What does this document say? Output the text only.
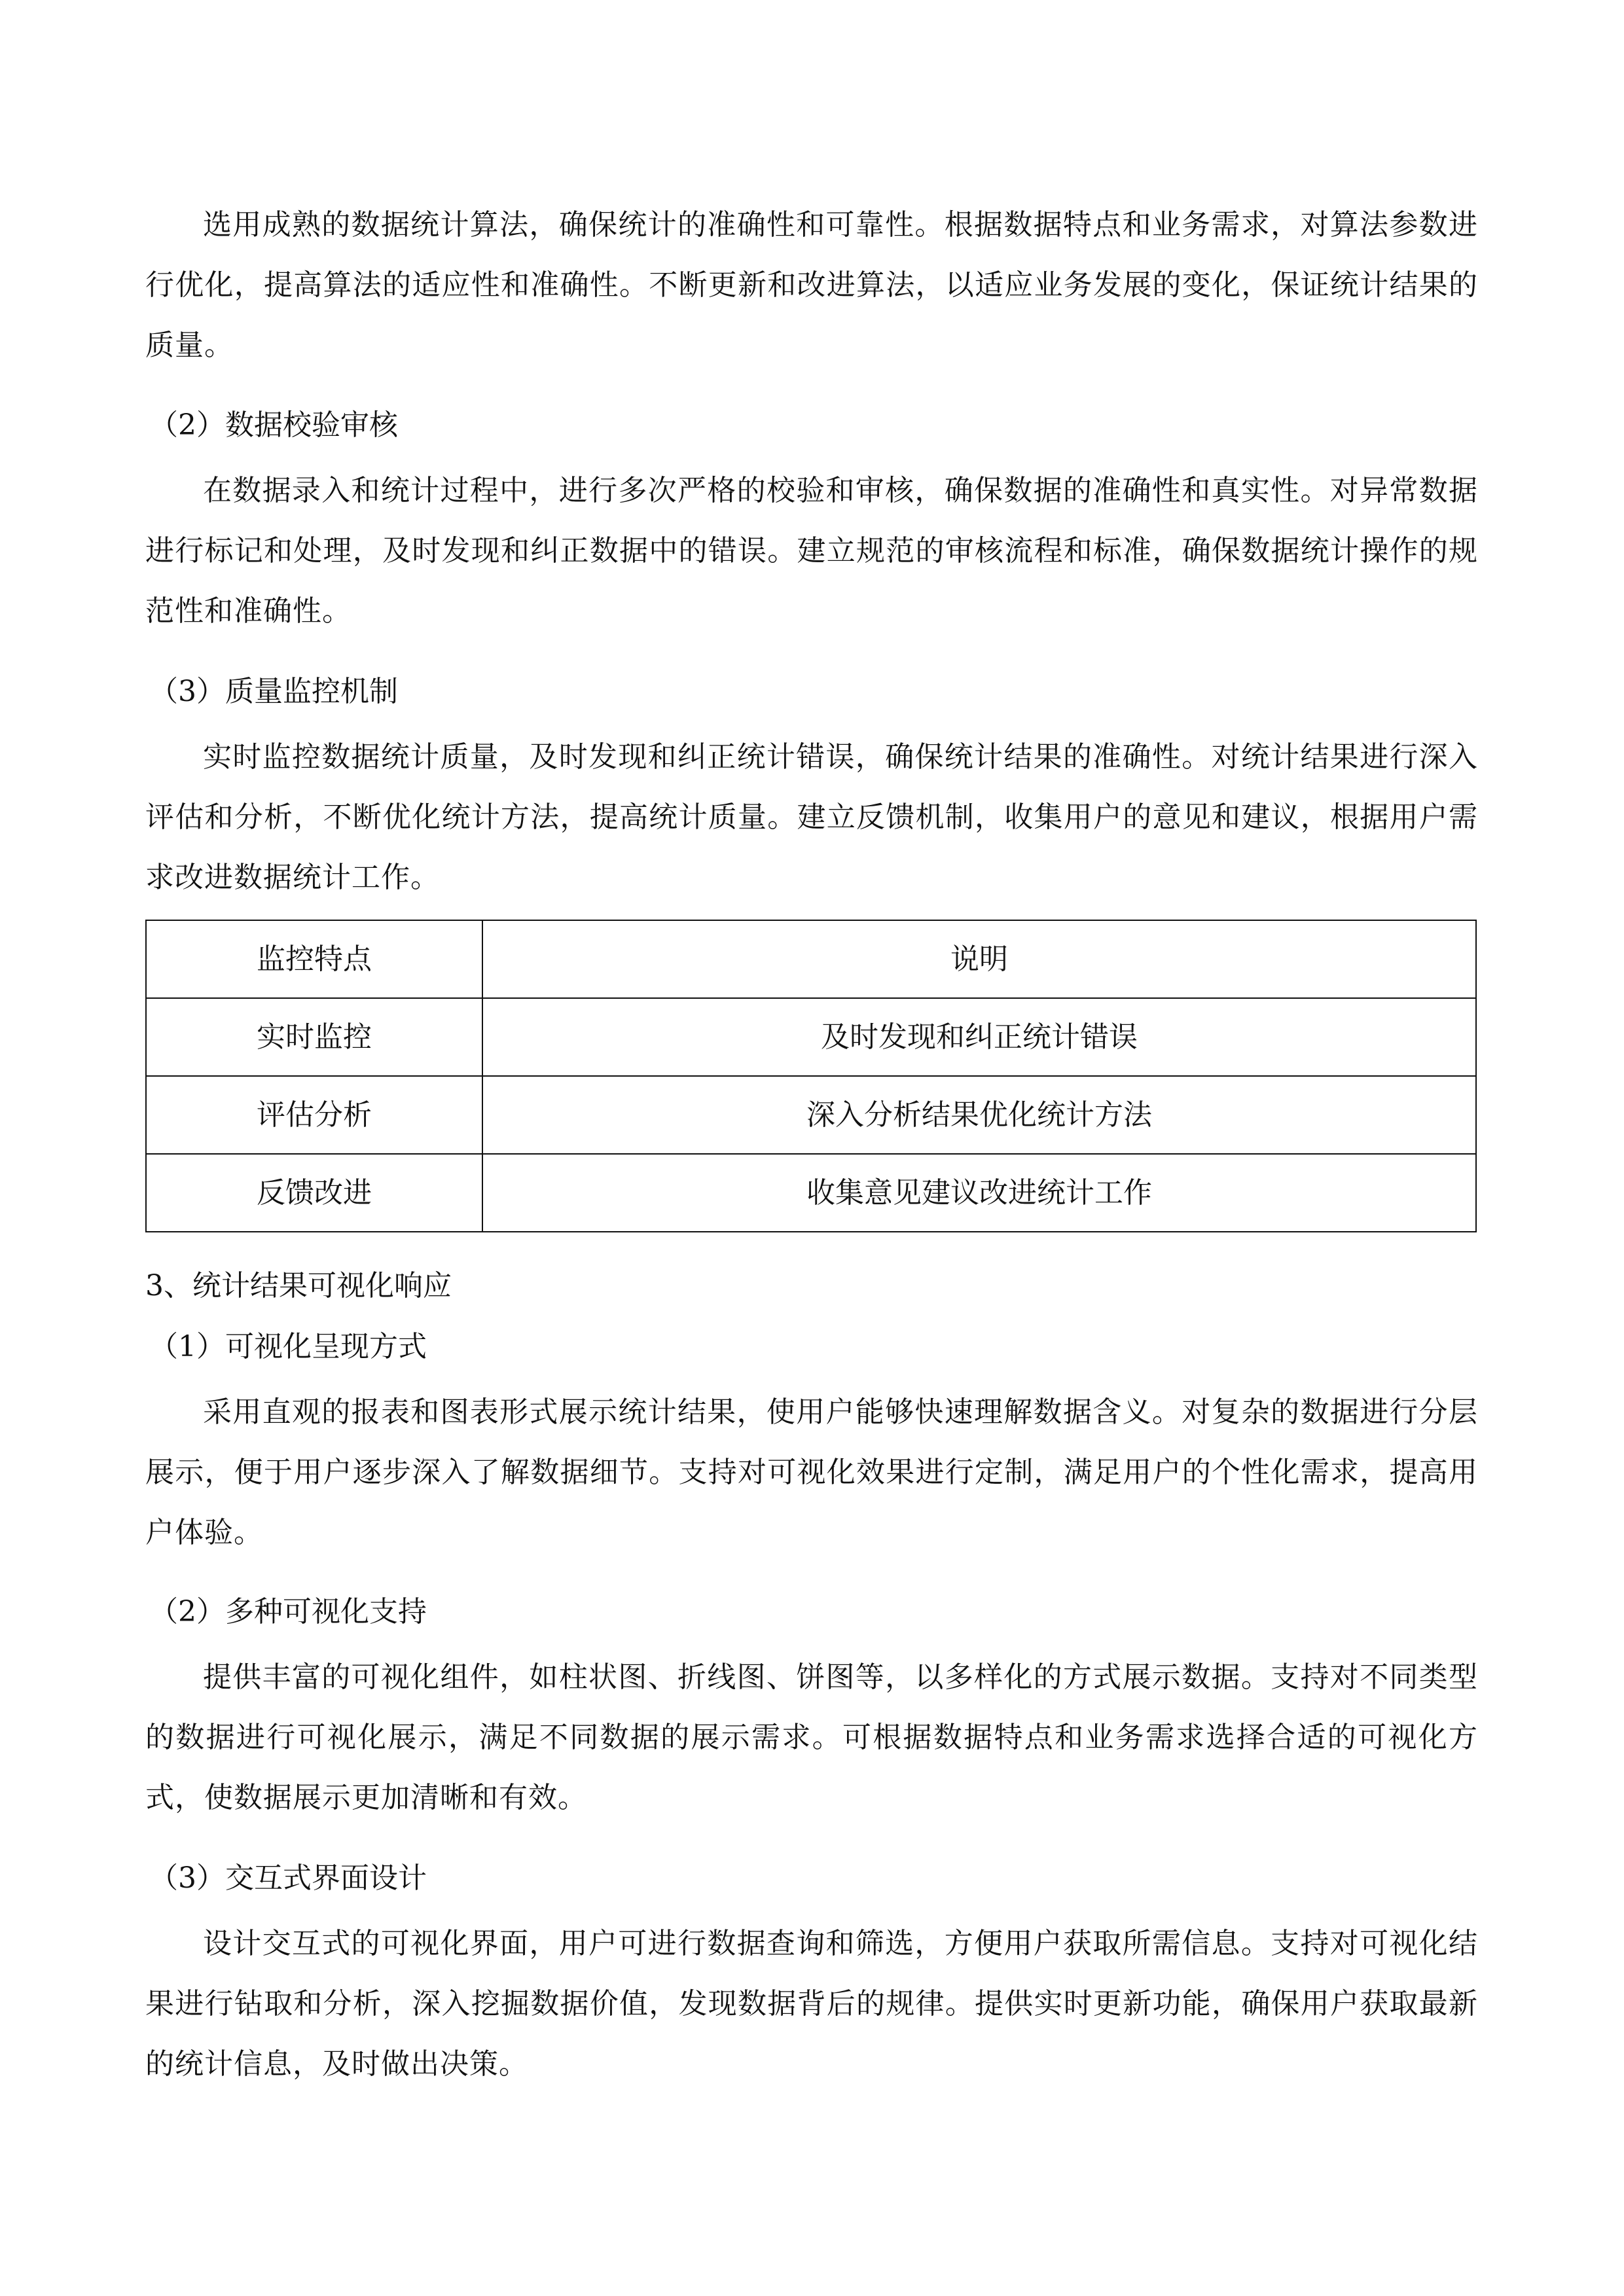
选用成熟的数据统计算法，确保统计的准确性和可靠性。根据数据特点和业务需求，对算法参数进行优化，提高算法的适应性和准确性。不断更新和改进算法，以适应业务发展的变化，保证统计结果的质量。
（2）数据校验审核
在数据录入和统计过程中，进行多次严格的校验和审核，确保数据的准确性和真实性。对异常数据进行标记和处理，及时发现和纠正数据中的错误。建立规范的审核流程和标准，确保数据统计操作的规范性和准确性。
（3）质量监控机制
实时监控数据统计质量，及时发现和纠正统计错误，确保统计结果的准确性。对统计结果进行深入评估和分析，不断优化统计方法，提高统计质量。建立反馈机制，收集用户的意见和建议，根据用户需求改进数据统计工作。
监控特点	说明
实时监控	及时发现和纠正统计错误
评估分析	深入分析结果优化统计方法
反馈改进	收集意见建议改进统计工作
3、统计结果可视化响应
（1）可视化呈现方式
采用直观的报表和图表形式展示统计结果，使用户能够快速理解数据含义。对复杂的数据进行分层展示，便于用户逐步深入了解数据细节。支持对可视化效果进行定制，满足用户的个性化需求，提高用户体验。
（2）多种可视化支持
提供丰富的可视化组件，如柱状图、折线图、饼图等，以多样化的方式展示数据。支持对不同类型的数据进行可视化展示，满足不同数据的展示需求。可根据数据特点和业务需求选择合适的可视化方式，使数据展示更加清晰和有效。
（3）交互式界面设计
设计交互式的可视化界面，用户可进行数据查询和筛选，方便用户获取所需信息。支持对可视化结果进行钻取和分析，深入挖掘数据价值，发现数据背后的规律。提供实时更新功能，确保用户获取最新的统计信息，及时做出决策。
